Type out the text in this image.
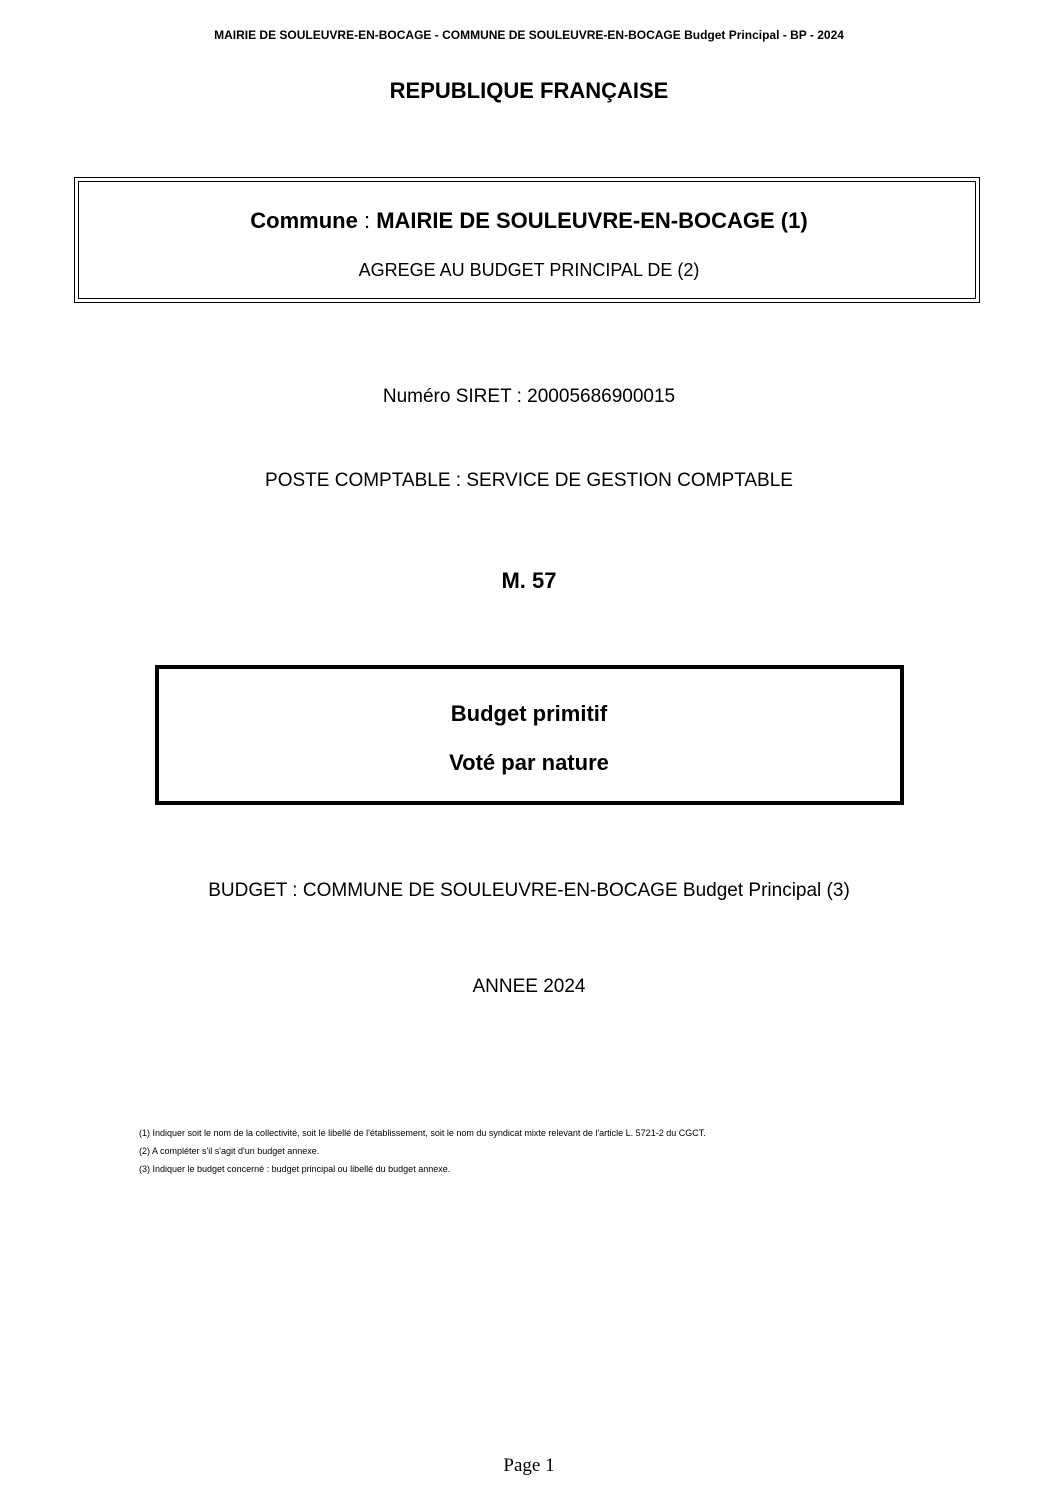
MAIRIE DE SOULEUVRE-EN-BOCAGE - COMMUNE DE SOULEUVRE-EN-BOCAGE Budget Principal - BP - 2024
REPUBLIQUE FRANÇAISE
Commune : MAIRIE DE SOULEUVRE-EN-BOCAGE (1)
AGREGE AU BUDGET PRINCIPAL DE (2)
Numéro SIRET : 20005686900015
POSTE COMPTABLE : SERVICE DE GESTION COMPTABLE
M. 57
Budget primitif
Voté par nature
BUDGET : COMMUNE DE SOULEUVRE-EN-BOCAGE Budget Principal (3)
ANNEE 2024
(1) Indiquer soit le nom de la collectivité, soit le libellé de l'établissement, soit le nom du syndicat mixte relevant de l'article L. 5721-2 du CGCT.
(2) A compléter s'il s'agit d'un budget annexe.
(3) Indiquer le budget concerné : budget principal ou libellé du budget annexe.
Page 1
